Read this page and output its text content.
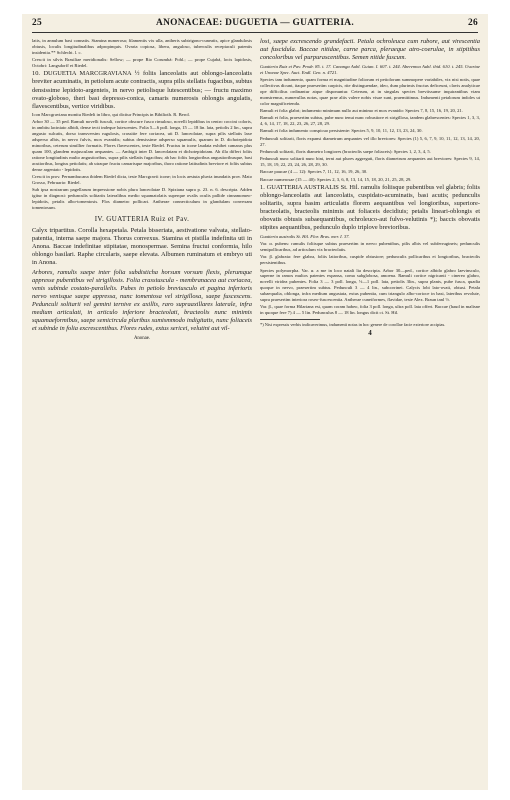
25	ANONACEAE: DUGUETIA — GUATTERIA.	26

latis, in annulum basi connatis. Stamina numerosa; filamentis vix ulla, antheris subtrigono-cuneatis, apice glandulosis obtusis, loculis longitudinalibus adpropinquis. Ovaria copiosa, libera, anguloso, tuberculis receptaculi patentis insidentia.** Schlecht. l. c.

Crescit in silvis Brasiliae meridionalis: Sellow; — prope Rio Corumbá: Pohl.; — prope Cujabá, locis lapidosis, Octobri: Langsdorff et Riedel.

10. DUGUETIA MARCGRAVIANA ½ foliis lanceolatis aut oblongo-lanceolatis breviter acuminatis, in petiolum acute contractis, supra pilis stellatis fugacibus, subtus densissime lepidoto-argenteis, in nervo petiolisque lutescentibus; — fructu maximo ovato-globoso, theri basi depresso-conica, camaris numerosis oblongis angulatis, flavescentibus, vertice viridibus.

Icon Marcgraviana monitu Riedeli in libro, qui dicitur Principis in Bibilioth. R. Berol.

Arbor 30 — 35 ped. Ramuli novelli fusculi, cortice obscure fusco rimuloso, novelli lepidibus in centro coccini coloris, in ambitu laciniato albidi, dense tecti indeque lutescentes. Folia 5—6 poll. longa, 15 — 18 lin. lata, petiolis 2 lin., supra angusto sulcatis, dorso transversim rugulosis, crassitie fere coriacea, uti D. lanceolatae, supra pilis stellatis laxe adsperso albis, in nervo fulvis, mox evanidis; subtus densissime adsperso squamulis, quarum in D. dichotepidota minoribus, ceterum simillter formatis. Flores flavescentes, teste Riedel. Fructus in icone laudata exhibet camaras plus quam 100, glandem majusculam aequantes. — Ambigit inter D. lanceolatam et dichotepidotam. Ab illa differt foliis ratione longitudinis multo angustioribus, supra pilis stellatis fugacibus; ab hac foliis longioribus angustioribusque, basi acutioribus, longius petiolatis; ab utraque fructu camarisque majoribus, thoro ratione latitudinis breviore et foliis subtus dense argentato - lepidotis.

Crescit in prov. Pernambucana ibidem Riedel dicta, teste Marcgravii icone; in locis aestuta pluvia inundatis prov. Mato Grosso, Februario: Riedel.

Sub ipsa nostrarum pagellarum impressione nobis plura lanceolatae D. Spixiana supra p. 23. n. 6. descripta. Adden igitur in diagnosi: pedunculis solitariis lateralibus medio squamatolatis superque ovalis oculis pallide cinnamomeo-lepidotis, petalis albo-tomentosis. Flos diametro pollicari. Antherae connecticulum in glandulam convexam tomentosum.

IV. GUATTERIA Ruiz et Pav.

Calyx tripartitus. Corolla hexapetala. Petala bisseriata, aestivatione valvata, stellato-patentia, interna saepe majora. Thorus convexus. Stamina et pistilla indefinita uti in Anona. Baccae indefinitae stipitatae, monospermae. Semina fructui conformia, hilo oblongo basilari. Raphe circularis, saepe elevata. Albumen ruminatum et embryo uti in Anona.

Arbores, ramulis saepe inter folia subdisticha horsum vorsum flexis, plerumque appresse pubentibus vel strigillosis. Folia crassiuscula - membranacea aut coriacea, venis subinde costato-parallelis. Pubes in petiolo breviusculo et pagina inferioris nervo venisque saepe appressa, nunc tomentosa vel strigillosa, saepe fuscescens. Pedunculi solitarii vel gemini ternive ex axillis, raro supraaxillares laterale, infra medium articulati, in articulo inferiore bracteolati, bracteolis nunc minimis squamaeformibus, saepe semicircula pluribus sumismmodo indigitatis, nunc foliaceis et subinde in folia excrescentibus. Flores rudes, extus sericei, velutini aut vil-

Anonae.

losi, saepe excrescendo grandefacti. Petala ochroleuca cum rubore, aut virescentia aut fuscidula. Baccae nitidae, carne parca, pleraeque atro-coerulae, in stipitibus concoloribus vel purpurascentibus. Semen nitide fuscum.

Guatteria Ruiz et Pav. Prodr. 85. t. 17. Cananga Aubl. Guian. I. 607. t. 244. Aberemoa Aubl. ibid. 610. t. 245. Uvariae et Unonae Spec. Auct. Endl. Gen. n. 4721.

Species tam indumento, quam forma et magnitudine foliorum et petiolorum summopere variabiles, vix nisi notis, quae collectivas dicunt, itaque praesertim carpicis, rite distinguendae, ideo, dum plurimis fructus deficeunt, clavis analyticae ope difficilius ordinantur atque disponuntur. Ceterum, at in singulas species breviissume inquirantibus viam monstremus, numerullas notas, quae prae aliis valere nobis visae sunt, praemittimus. Indumenti petalorum indoles ut color magnificetenda.

Ramuli et folia glabri; indumento minimum nullo aut minimo et mox evanido: Species 7, 8, 15, 16, 19, 20, 21.

Ramuli et folia, praesertim subtus, pube nunc tenui nunc robustiore et strigillosa, tandem glabrescentes: Species 1, 3, 3, 4, 6, 14, 17, 18, 22, 23, 26, 27, 28, 29.

Ramuli et folia indumento conspicuo persistente: Species 5, 9, 10, 11, 12, 13, 23, 24, 30.

Pedunculi solitarii, floris expansi diametrum aequantes vel illo breviores: Species (1) 5, 6, 7, 9, 10, 11, 12, 13, 14, 20, 27.

Pedunculi solitarii, floris diametro longiores (bracteolis saepe foliaceis): Species 1, 2, 3, 4, 5.

Pedunculi nunc solitarii nunc bini, terni aut plures aggregati, floris diametrum aequantes aut breviores: Species 9, 14, 15, 18, 19, 22, 23, 24, 26, 28, 29, 30.

Baccae paucae (4 — 12): Species 7, 11, 12, 16, 19, 26, 30.

Baccae numerosae (15 — 40): Species 2, 3, 6, 8, 13, 14, 15, 18, 20, 21, 25, 28, 29.

1. GUATTERIA AUSTRALIS St. Hil. ramulis foliisque pubentibus vel glabris; foliis oblongo-lanceolatis aut lanceolatis, cuspidato-acuminatis, basi acutis; pedunculis solitariis, supra basim articulatis florem aequantibus vel longioribus, superiore-bracteolatis, bracteolis minimis aut foliaceis decidiuis; petalis lineari-oblongis et obovatis obtusis subaequantibus, ochroleuco-aut fulvo-velutinis *); baccis obovatis stipites aequantibus, pedunculo duplo triplove brevioribus.

Guatteria australis St. Hil. Flor. Bras. mer. I. 37.

Var. α. pubens: ramulis foliisque subtus praesertim in nervo pubentibus, pilis albis vel subferrugineis; pedunculis semipollicaribus, ad articulum vix bracteolatis.

Var. β. glabrata: fere glabra, foliis latioribus, cuspide obtusiore; pedunculis pollicaribus et longioribus, bracteolis persistentibus.

Species polymorpha. Var. α. a me in loco natali lia descripta. Arbor 30—ped., cortice albido glabro laevinsculo, superne in ramos multos patentes expansa, coma subglobosa, amoena. Ramuli cortice nigricanti - cinereo glabro, novelli viridea pubentes. Folia 3 — 3 poll. longa, ½—1 poll. lata, petiolis 3lin., supra planis, pube fusca, quadia quoque in nervo, praesertim subtus. Pedunculi 3 — 4 lin., subcorrinei. Calycis lobi lato-ovati, obtusi. Petala subaequalia, oblonga, infra medium angustata, extus pubentia, cum triangulo albo-corioce in basi, lateribus revolute, supra praesertim interiora roseo-fuscescentia. Antherae cuneiformes, flavidae, teste Alex. Braun tanl ½.

Var. β., quae forma Hilariana est, quam coram habeo, folia 3 poll. longa, ultra poll. lata offert. Baccae (haud in malisne in quoque fere 7) 4 — 5 lin. Pedunculus 8 — 18 lin. longus dicit ct. St. Hil.

*) Nisi expressis verbis indicaverimus, indumenti notas in hoc genere de corollae facie exteriore accipias.

4
